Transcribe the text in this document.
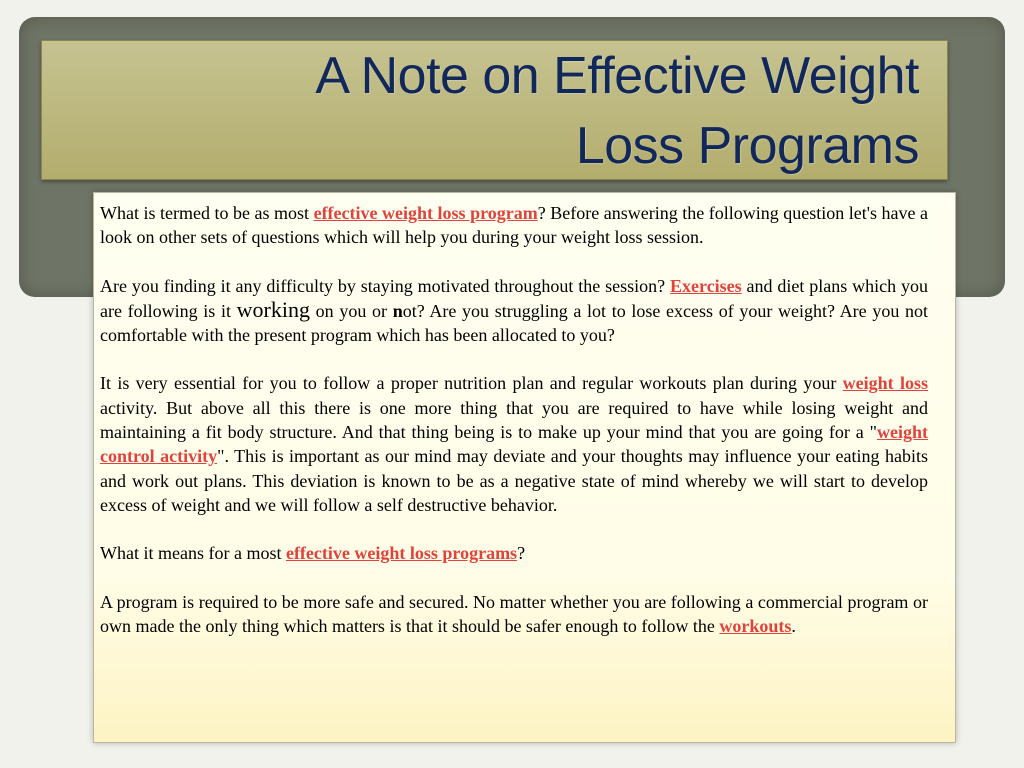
A Note on Effective Weight
Loss Programs

What is termed to be as most effective weight loss program? Before answering the following question let's have a look on other sets of questions which will help you during your weight loss session.

Are you finding it any difficulty by staying motivated throughout the session? Exercises and diet plans which you are following is it working on you or not? Are you struggling a lot to lose excess of your weight? Are you not comfortable with the present program which has been allocated to you?

It is very essential for you to follow a proper nutrition plan and regular workouts plan during your weight loss activity. But above all this there is one more thing that you are required to have while losing weight and maintaining a fit body structure. And that thing being is to make up your mind that you are going for a "weight control activity". This is important as our mind may deviate and your thoughts may influence your eating habits and work out plans. This deviation is known to be as a negative state of mind whereby we will start to develop excess of weight and we will follow a self destructive behavior.

What it means for a most effective weight loss programs?

A program is required to be more safe and secured. No matter whether you are following a commercial program or own made the only thing which matters is that it should be safer enough to follow the workouts.
